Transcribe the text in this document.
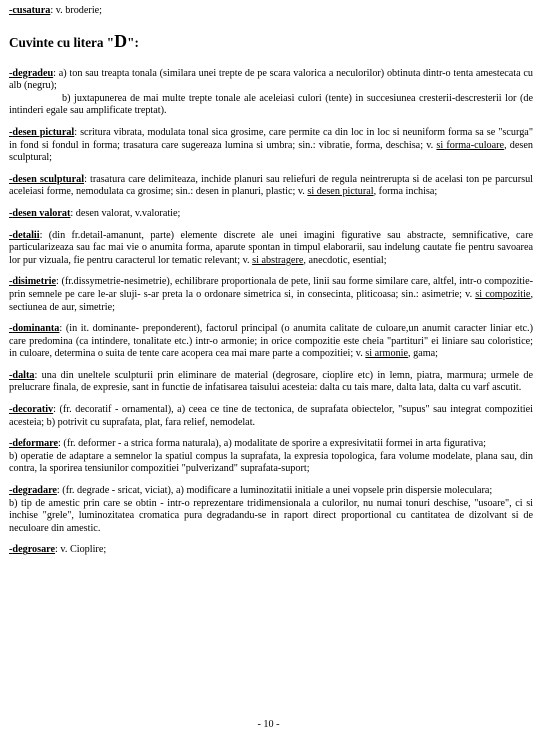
-cusatura: v. broderie;
Cuvinte cu litera "D":
-degradeu: a) ton sau treapta tonala (similara unei trepte de pe scara valorica a neculorilor) obtinuta dintr-o tenta amestecata cu alb (negru);
b) juxtapunerea de mai multe trepte tonale ale aceleiasi culori (tente) in succesiunea cresterii-descresterii lor (de intinderi egale sau amplificate treptat).
-desen pictural: scritura vibrata, modulata tonal sica grosime, care permite ca din loc in loc si neuniform forma sa se "scurga" in fond si fondul in forma; trasatura care sugereaza lumina si umbra; sin.: vibratie, forma, deschisa; v. si forma-culoare, desen sculptural;
-desen sculptural: trasatura care delimiteaza, inchide planuri sau reliefuri de regula neintrerupta si de acelasi ton pe parcursul aceleiasi forme, nemodulata ca grosime; sin.: desen in planuri, plastic; v. si desen pictural, forma inchisa;
-desen valorat: desen valorat, v.valoratie;
-detalii: (din fr.detail-amanunt, parte) elemente discrete ale unei imagini figurative sau abstracte, semnificative, care particularizeaza sau fac mai vie o anumita forma, aparute spontan in timpul elaborarii, sau indelung cautate fie pentru savoarea lor pur vizuala, fie pentru caracterul lor tematic relevant; v. si abstragere, anecdotic, esential;
-disimetrie: (fr.dissymetrie-nesimetrie), echilibrare proportionala de pete, linii sau forme similare care, altfel, intr-o compozitie- prin semnele pe care le-ar sluji- s-ar preta la o ordonare simetrica si, in consecinta, pliticoasa; sin.: asimetrie; v. si compozitie, sectiunea de aur, simetrie;
-dominanta: (in it. dominante- preponderent), factorul principal (o anumita calitate de culoare,un anumit caracter liniar etc.) care predomina (ca intindere, tonalitate etc.) intr-o armonie; in orice compozitie este cheia "partituri" ei liniare sau coloristice; in culoare, determina o suita de tente care acopera cea mai mare parte a compozitiei; v. si armonie, gama;
-dalta: una din uneltele sculpturii prin eliminare de material (degrosare, cioplire etc) in lemn, piatra, marmura; urmele de prelucrare finala, de expresie, sant in functie de infatisarea taisului acesteia: dalta cu tais mare, dalta lata, dalta cu varf ascutit.
-decorativ: (fr. decoratif - ornamental), a) ceea ce tine de tectonica, de suprafata obiectelor, "supus" sau integrat compozitiei acesteia; b) potrivit cu suprafata, plat, fara relief, nemodelat.
-deformare: (fr. deformer - a strica forma naturala), a) modalitate de sporire a expresivitatii formei in arta figurativa;
b) operatie de adaptare a semnelor la spatiul compus la suprafata, la expresia topologica, fara volume modelate, plana sau, din contra, la sporirea tensiunilor compozitiei "pulverizand" suprafata-suport;
-degradare: (fr. degrade - sricat, viciat), a) modificare a luminozitatii initiale a unei vopsele prin dispersie moleculara;
b) tip de amestic prin care se obtin - intr-o reprezentare tridimensionala a culorilor, nu numai tonuri deschise, "usoare", ci si inchise "grele", luminozitatea cromatica pura degradandu-se in raport direct proportional cu cantitatea de dizolvant si de neculoare din amestic.
-degrosare: v. Cioplire;
- 10 -
